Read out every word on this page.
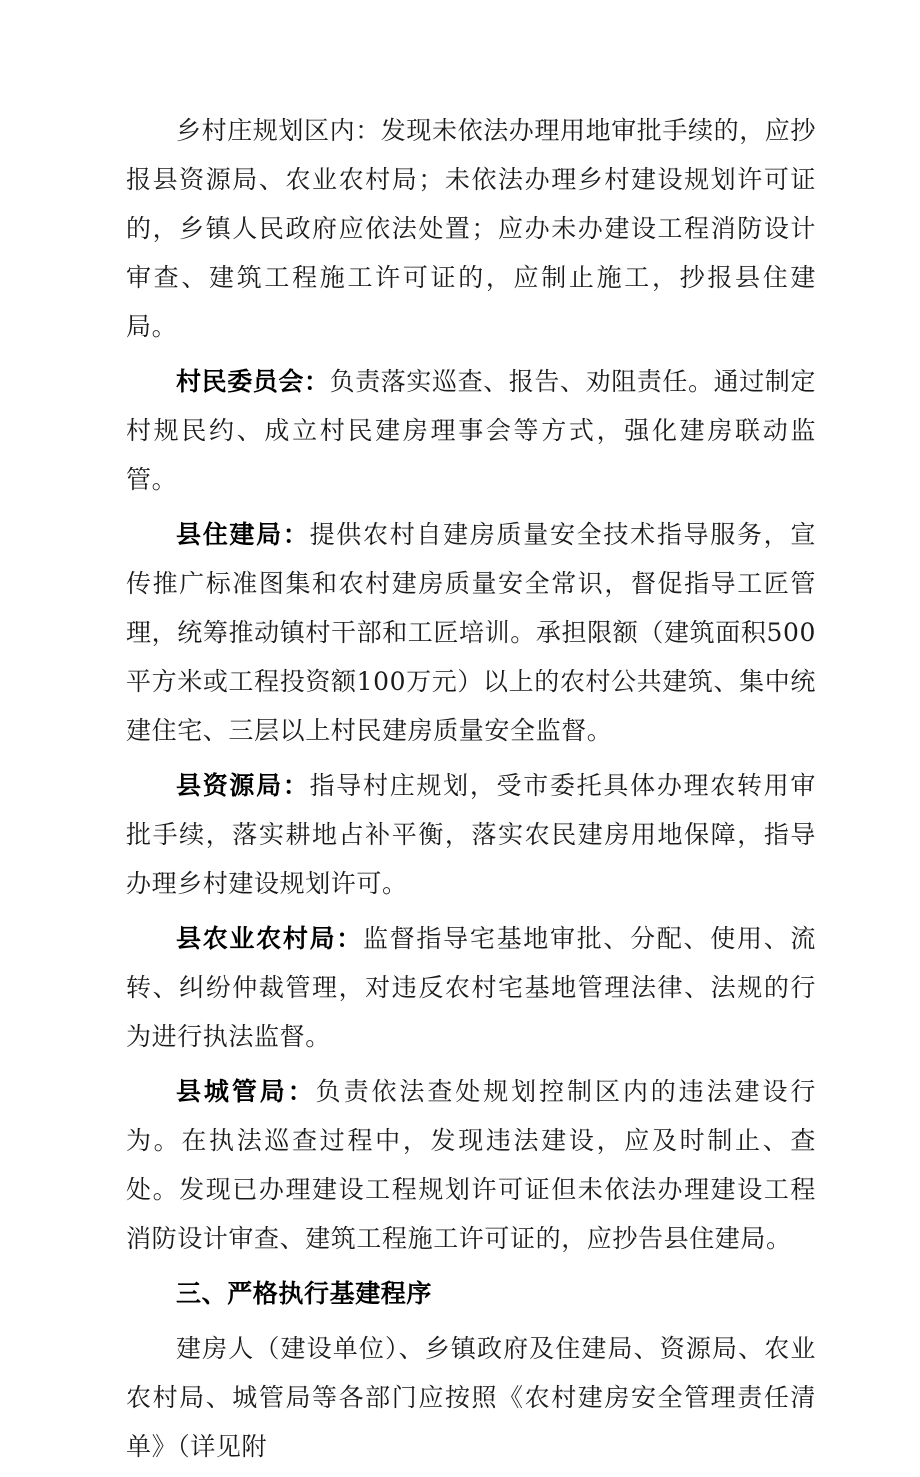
乡村庄规划区内：发现未依法办理用地审批手续的，应抄报县资源局、农业农村局；未依法办理乡村建设规划许可证的，乡镇人民政府应依法处置；应办未办建设工程消防设计审查、建筑工程施工许可证的，应制止施工，抄报县住建局。

村民委员会：负责落实巡查、报告、劝阻责任。通过制定村规民约、成立村民建房理事会等方式，强化建房联动监管。

县住建局：提供农村自建房质量安全技术指导服务，宣传推广标准图集和农村建房质量安全常识，督促指导工匠管理，统筹推动镇村干部和工匠培训。承担限额（建筑面积500平方米或工程投资额100万元）以上的农村公共建筑、集中统建住宅、三层以上村民建房质量安全监督。

县资源局：指导村庄规划，受市委托具体办理农转用审批手续，落实耕地占补平衡，落实农民建房用地保障，指导办理乡村建设规划许可。

县农业农村局：监督指导宅基地审批、分配、使用、流转、纠纷仲裁管理，对违反农村宅基地管理法律、法规的行为进行执法监督。

县城管局：负责依法查处规划控制区内的违法建设行为。在执法巡查过程中，发现违法建设，应及时制止、查处。发现已办理建设工程规划许可证但未依法办理建设工程消防设计审查、建筑工程施工许可证的，应抄告县住建局。

三、严格执行基建程序

建房人（建设单位）、乡镇政府及住建局、资源局、农业农村局、城管局等各部门应按照《农村建房安全管理责任清单》（详见附
